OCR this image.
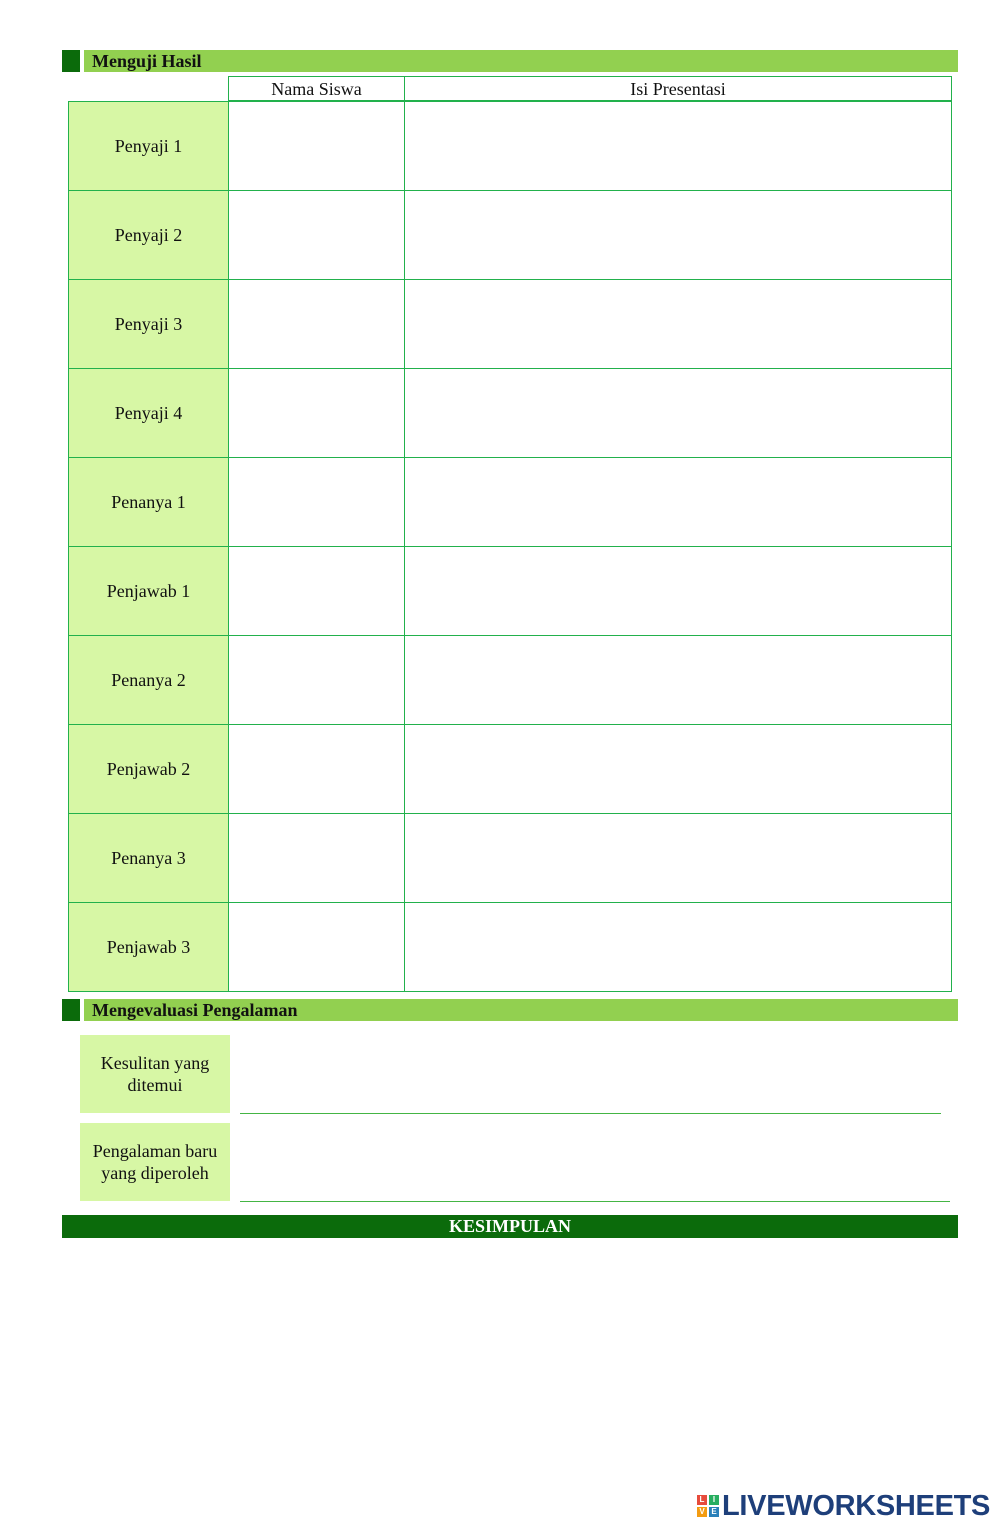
Menguji Hasil
Nama Siswa	Isi Presentasi
Penyaji 1
Penyaji 2
Penyaji 3
Penyaji 4
Penanya 1
Penjawab 1
Penanya 2
Penjawab 2
Penanya 3
Penjawab 3
Mengevaluasi Pengalaman
Kesulitan yang
ditemui
Pengalaman baru
yang diperoleh
KESIMPULAN
L	I
V E LIVEWORKSHEETS
